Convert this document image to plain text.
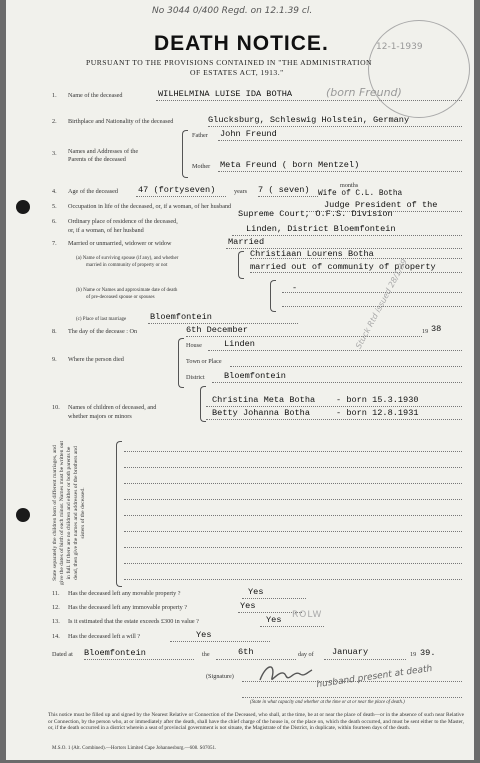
12-1-1939
No 3044 0/400 Regd. on 12.1.39 cl.
DEATH NOTICE.
PURSUANT TO THE PROVISIONS CONTAINED IN "THE ADMINISTRATION
OF ESTATES ACT, 1913."
1. Name of the deceased	WILHELMINA LUISE IDA BOTHA	(born Freund)
2. Birthplace and Nationality of the deceased	Glucksburg, Schleswig Holstein, Germany
3. Names and Addresses of the
Parents of the deceased
Father John Freund
Mother Meta Freund ( born Mentzel)
4. Age of the deceased 47 (fortyseven)	years 7 ( seven)	months
Wife of C.L. Botha
5. Occupation in life of the deceased, or, if a woman, of her husband	Judge President of the
Supreme Court, O.F.S. Division
6. Ordinary place of residence of the deceased,
or, if a woman, of her husband	Linden, District Bloemfontein
7. Married or unmarried, widower or widow	Married
(a) Name of surviving spouse (if any), and whether
married in community of property or not
Christiaan Lourens Botha
married out of community of property
(b) Name or Names and approximate date of death
of pre-deceased spouse or spouses
-
(c) Place of last marriage	Bloemfontein	Stuck Rtd issued 28/1/39
8. The day of the decease : On	6th December	19 38
9. Where the person died
House	Linden
Town or Place
District Bloemfontein
10. Names of children of deceased, and
whether majors or minors
Christina Meta Botha - born 15.3.1930
Betty Johanna Botha	- born 12.8.1931
State separately the children born of different marriages, and give the dates of birth of each minor. Names must be written out in full. If there are no children and either or both parents be dead, then give the names and addresses of the brothers and sisters of the deceased.
11. Has the deceased left any movable property ?	Yes
12. Has the deceased left any immovable property ?	Yes
13. Is it estimated that the estate exceeds £300 in value ?	Yes
14. Has the deceased left a will ?	Yes
ROLW
Dated at Bloemfontein	the	6th	day of January	19 39.
(Signature)	husband present at death
(State in what capacity and whether at the time or at or near the place of death.)
This notice must be filled up and signed by the Nearest Relative or Connection of the Deceased, who shall, at the time, be at or near the place of death—or in the absence of such near Relative or Connection, by the person who, at or immediately after the death, shall have the chief charge of the house in, or the place on, which the death occurred, and must be sent either to the Master, or, if the death occurred in a district wherein a seat of provincial government is not situate, the Magistrate of the District, in duplicate, within fourteen days of the death.
M.S.O. 1 (Alt. Combined).—Hortors Limited Cape Johannesburg.—608. S07051.
